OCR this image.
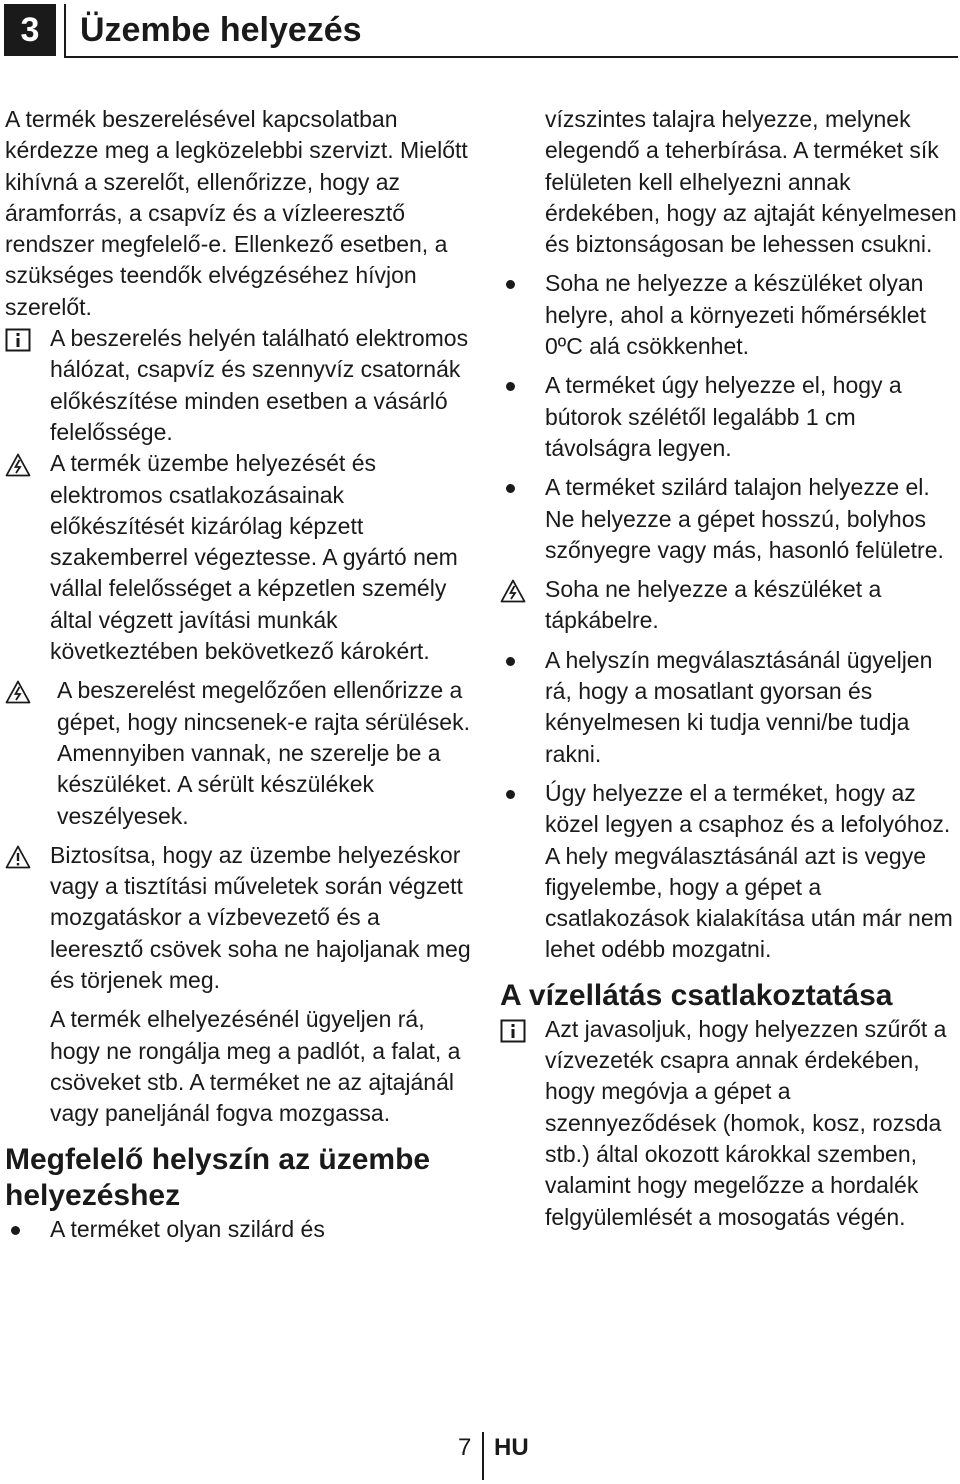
3	Üzembe helyezés

A termék beszerelésével kapcsolatban kérdezze meg a legközelebbi szervizt. Mielőtt kihívná a szerelőt, ellenőrizze, hogy az áramforrás, a csapvíz és a vízleeresztő rendszer megfelelő-e. Ellenkező esetben, a szükséges teendők elvégzéséhez hívjon szerelőt.

A beszerelés helyén található elektromos hálózat, csapvíz és szennyvíz csatornák előkészítése minden esetben a vásárló felelőssége.

A termék üzembe helyezését és elektromos csatlakozásainak előkészítését kizárólag képzett szakemberrel végeztesse. A gyártó nem vállal felelősséget a képzetlen személy által végzett javítási munkák következtében bekövetkező károkért.

A beszerelést megelőzően ellenőrizze a gépet, hogy nincsenek-e rajta sérülések. Amennyiben vannak, ne szerelje be a készüléket. A sérült készülékek veszélyesek.

Biztosítsa, hogy az üzembe helyezéskor vagy a tisztítási műveletek során végzett mozgatáskor a vízbevezető és a leeresztő csövek soha ne hajoljanak meg és törjenek meg.

A termék elhelyezésénél ügyeljen rá, hogy ne rongálja meg a padlót, a falat, a csöveket stb. A terméket ne az ajtajánál vagy paneljánál fogva mozgassa.

Megfelelő helyszín az üzembe helyezéshez

A terméket olyan szilárd és

vízszintes talajra helyezze, melynek elegendő a teherbírása. A terméket sík felületen kell elhelyezni annak érdekében, hogy az ajtaját kényelmesen és biztonságosan be lehessen csukni.

Soha ne helyezze a készüléket olyan helyre, ahol a környezeti hőmérséklet 0ºC alá csökkenhet.

A terméket úgy helyezze el, hogy a bútorok szélétől legalább 1 cm távolságra legyen.

A terméket szilárd talajon helyezze el. Ne helyezze a gépet hosszú, bolyhos szőnyegre vagy más, hasonló felületre.

Soha ne helyezze a készüléket a tápkábelre.

A helyszín megválasztásánál ügyeljen rá, hogy a mosatlant gyorsan és kényelmesen ki tudja venni/be tudja rakni.

Úgy helyezze el a terméket, hogy az közel legyen a csaphoz és a lefolyóhoz. A hely megválasztásánál azt is vegye figyelembe, hogy a gépet a csatlakozások kialakítása után már nem lehet odébb mozgatni.

A vízellátás csatlakoztatása

Azt javasoljuk, hogy helyezzen szűrőt a vízvezeték csapra annak érdekében, hogy megóvja a gépet a szennyeződések (homok, kosz, rozsda stb.) által okozott károkkal szemben, valamint hogy megelőzze a hordalék felgyülemlését a mosogatás végén.

7 HU
